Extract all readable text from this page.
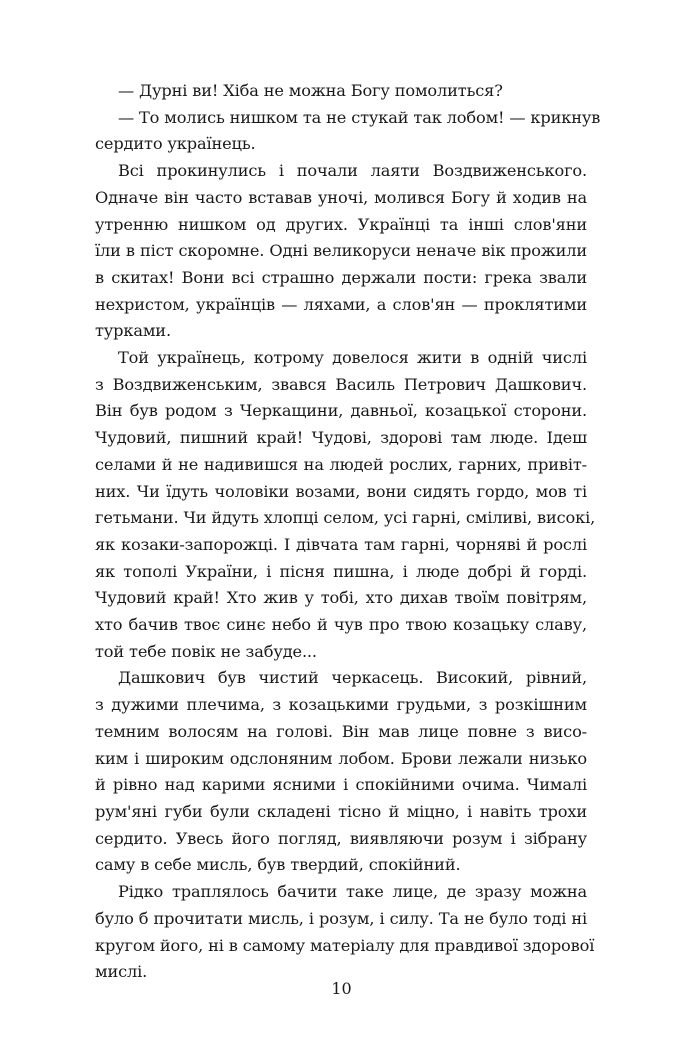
— Дурні ви! Хіба не можна Богу помолиться?
— То молись нишком та не стукай так лобом! — крикнув
сердито українець.
Всі прокинулись і почали лаяти Воздвиженського.
Одначе він часто вставав уночі, молився Богу й ходив на
утренню нишком од других. Українці та інші слов'яни
їли в піст скоромне. Одні великоруси неначе вік прожили
в скитах! Вони всі страшно держали пости: грека звали
нехристом, українців — ляхами, а слов'ян — проклятими
турками.
Той українець, котрому довелося жити в одній числі
з Воздвиженським, звався Василь Петрович Дашкович.
Він був родом з Черкащини, давньої, козацької сторони.
Чудовий, пишний край! Чудові, здорові там люде. Ідеш
селами й не надивишся на людей рослих, гарних, привіт-
них. Чи їдуть чоловіки возами, вони сидять гордо, мов ті
гетьмани. Чи йдуть хлопці селом, усі гарні, сміливі, високі,
як козаки-запорожці. І дівчата там гарні, чорняві й рослі
як тополі України, і пісня пишна, і люде добрі й горді.
Чудовий край! Хто жив у тобі, хто дихав твоїм повітрям,
хто бачив твоє синє небо й чув про твою козацьку славу,
той тебе повік не забуде...
Дашкович був чистий черкасець. Високий, рівний,
з дужими плечима, з козацькими грудьми, з розкішним
темним волосям на голові. Він мав лице повне з висо-
ким і широким одслоняним лобом. Брови лежали низько
й рівно над карими ясними і спокійними очима. Чималі
рум'яні губи були складені тісно й міцно, і навіть трохи
сердито. Увесь його погляд, виявляючи розум і зібрану
саму в себе мисль, був твердий, спокійний.
Рідко траплялось бачити таке лице, де зразу можна
було б прочитати мисль, і розум, і силу. Та не було тоді ні
кругом його, ні в самому матеріалу для правдивої здорової
мислі.
10
